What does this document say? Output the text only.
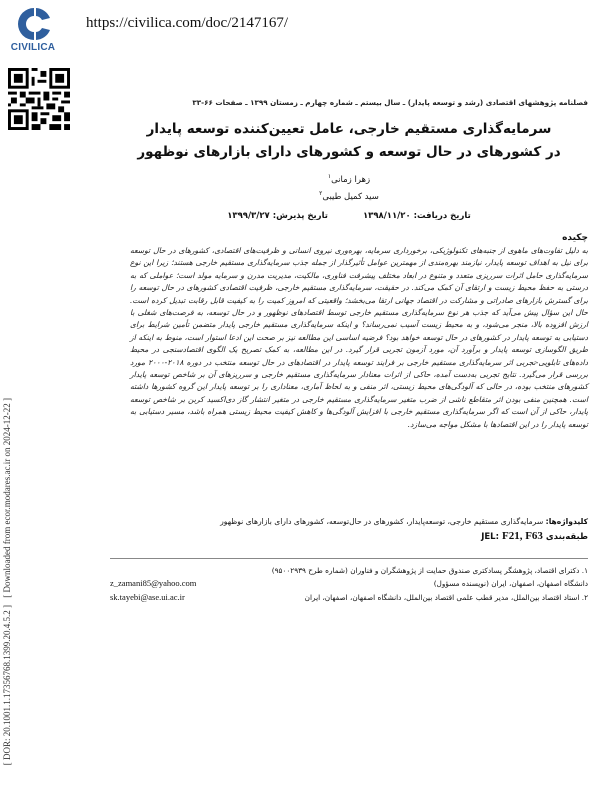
CIVILICA
https://civilica.com/doc/2147167/
[ Downloaded from ecor.modares.ac.ir on 2024-12-22 ]
[ DOR: 20.1001.1.17356768.1399.20.4.5.2 ]
فصلنامه پژوهشهای اقتصادی (رشد و توسعه پایدار) ـ سال بیستم ـ شماره چهارم ـ زمستان ۱۳۹۹ ـ صفحات ۶۶-۳۳
سرمایه‌گذاری مستقیم خارجی، عامل تعیین‌کننده توسعه پایدار
در کشورهای در حال توسعه و کشورهای دارای بازارهای نوظهور
زهرا زمانی$^۱$
سید کمیل طیبی$^۲$
تاریخ دریافت: ۱۳۹۸/۱۱/۲۰ تاریخ پذیرش: ۱۳۹۹/۳/۲۷
چکیده
به دلیل تفاوت‌های ماهوی از جنبه‌های تکنولوژیکی، برخورداری سرمایه، بهره‌وری نیروی انسانی و ظرفیت‌های اقتصادی، کشورهای در حال توسعه برای نیل به اهداف توسعه پایدار، نیازمند بهره‌مندی از مهمترین عوامل تأثیرگذار از جمله جذب سرمایه‌گذاری مستقیم خارجی هستند؛ زیرا این نوع سرمایه‌گذاری حامل اثرات سرریزی متعدد و متنوع در ابعاد مختلف پیشرفت فناوری، مالکیت، مدیریت مدرن و سرمایه مولد است؛ عواملی که به درستی به حفظ محیط زیست و ارتقای آن کمک می‌کند. در حقیقت، سرمایه‌گذاری مستقیم خارجی، ظرفیت اقتصادی کشورهای در حال توسعه را برای گسترش بازارهای صادراتی و مشارکت در اقتصاد جهانی ارتقا می‌بخشد؛ واقعیتی که امروز کمیت را به کیفیت قابل رقابت تبدیل کرده است. حال این سؤال پیش می‌آید که جذب هر نوع سرمایه‌گذاری مستقیم خارجی توسط اقتصادهای نوظهور و در حال توسعه، به فرصت‌های شغلی با ارزش افزوده بالا، منجر می‌شود، و به محیط زیست آسیب نمی‌رساند؟ و اینکه سرمایه‌گذاری مستقیم خارجی پایدار متضمن تأمین شرایط برای دستیابی به توسعه پایدار در کشورهای در حال توسعه خواهد بود؟ فرضیه اساسی این مطالعه نیز بر صحت این ادعا استوار است، منوط به اینکه از طریق الگوسازی توسعه پایدار و برآورد آن، مورد آزمون تجربی قرار گیرد. در این مطالعه، به کمک تصریح یک الگوی اقتصادسنجی در محیط داده‌های تابلویی-تجربی اثر سرمایه‌گذاری مستقیم خارجی بر فرایند توسعه پایدار در اقتصادهای در حال توسعه منتخب در دوره ۲۰۱۸-۲۰۰۰ مورد بررسی قرار می‌گیرد. نتایج تجربی به‌دست آمده، حاکی از اثرات معنادار سرمایه‌گذاری مستقیم خارجی و سرریزهای آن بر شاخص توسعه پایدار کشورهای منتخب بوده، در حالی که آلودگی‌های محیط زیستی، اثر منفی و به لحاظ آماری، معناداری را بر توسعه پایدار این گروه کشورها داشته است. همچنین منفی بودن اثر متقاطع ناشی از ضرب متغیر سرمایه‌گذاری مستقیم خارجی در متغیر انتشار گاز دی‌اکسید کربن بر شاخص توسعه پایدار، حاکی از آن است که اگر سرمایه‌گذاری مستقیم خارجی با افزایش آلودگی‌ها و کاهش کیفیت محیط زیستی همراه باشد، مسیر دستیابی به توسعه پایدار را در این اقتصادها با مشکل مواجه می‌سازد.
کلیدواژه‌ها: سرمایه‌گذاری مستقیم خارجی، توسعه‌پایدار، کشورهای در حال‌توسعه، کشورهای دارای بازارهای نوظهور
طبقه‌بندی JEL: F21, F63
۱. دکترای اقتصاد، پژوهشگر پسادکتری صندوق حمایت از پژوهشگران و فناوران (شماره طرح ۹۵۰۰۲۹۳۹)
دانشگاه اصفهان، اصفهان، ایران (نویسنده مسؤول)
z_zamani85@yahoo.com
۲. استاد اقتصاد بین‌الملل، مدیر قطب علمی اقتصاد بین‌الملل، دانشگاه اصفهان، اصفهان، ایران
sk.tayebi@ase.ui.ac.ir
